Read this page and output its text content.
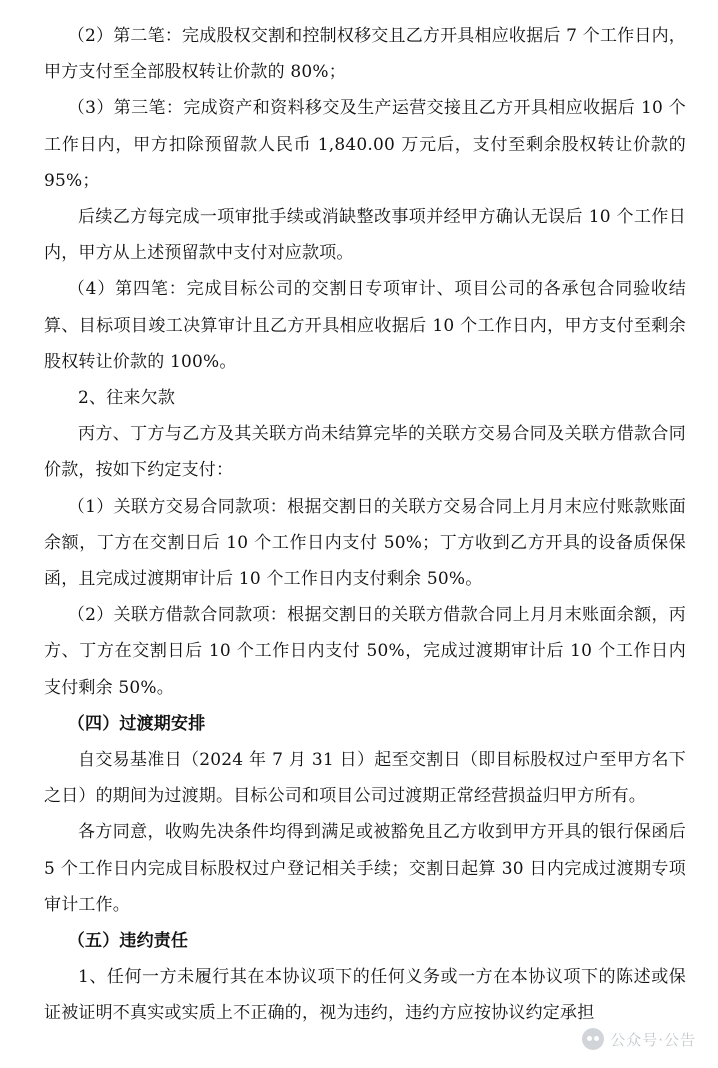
（2）第二笔：完成股权交割和控制权移交且乙方开具相应收据后 7 个工作日内，甲方支付至全部股权转让价款的 80%；

（3）第三笔：完成资产和资料移交及生产运营交接且乙方开具相应收据后 10 个工作日内，甲方扣除预留款人民币 1,840.00 万元后，支付至剩余股权转让价款的 95%；

后续乙方每完成一项审批手续或消缺整改事项并经甲方确认无误后 10 个工作日内，甲方从上述预留款中支付对应款项。

（4）第四笔：完成目标公司的交割日专项审计、项目公司的各承包合同验收结算、目标项目竣工决算审计且乙方开具相应收据后 10 个工作日内，甲方支付至剩余股权转让价款的 100%。

2、往来欠款

丙方、丁方与乙方及其关联方尚未结算完毕的关联方交易合同及关联方借款合同价款，按如下约定支付：

（1）关联方交易合同款项：根据交割日的关联方交易合同上月月末应付账款账面余额，丁方在交割日后 10 个工作日内支付 50%；丁方收到乙方开具的设备质保保函，且完成过渡期审计后 10 个工作日内支付剩余 50%。

（2）关联方借款合同款项：根据交割日的关联方借款合同上月月末账面余额，丙方、丁方在交割日后 10 个工作日内支付 50%，完成过渡期审计后 10 个工作日内支付剩余 50%。

（四）过渡期安排

自交易基准日（2024 年 7 月 31 日）起至交割日（即目标股权过户至甲方名下之日）的期间为过渡期。目标公司和项目公司过渡期正常经营损益归甲方所有。

各方同意，收购先决条件均得到满足或被豁免且乙方收到甲方开具的银行保函后 5 个工作日内完成目标股权过户登记相关手续；交割日起算 30 日内完成过渡期专项审计工作。

（五）违约责任

1、任何一方未履行其在本协议项下的任何义务或一方在本协议项下的陈述或保证被证明不真实或实质上不正确的，视为违约，违约方应按协议约定承担

公众号·公告
